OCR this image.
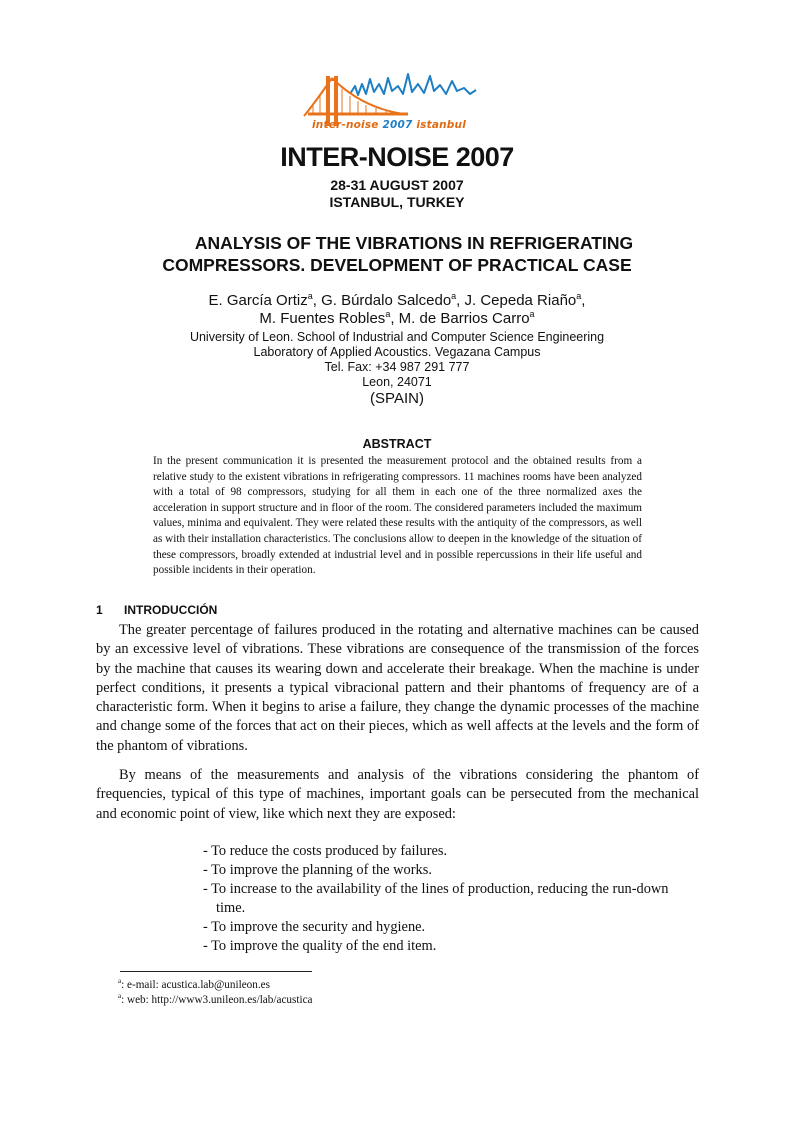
inter-noise 2007 istanbul
INTER-NOISE 2007
28-31 AUGUST 2007
ISTANBUL, TURKEY
ANALYSIS OF THE VIBRATIONS IN REFRIGERATING
COMPRESSORS. DEVELOPMENT OF PRACTICAL CASE
E. García Ortiz$^a$, G. Búrdalo Salcedo$^a$, J. Cepeda Riaño$^a$,
M. Fuentes Robles$^a$, M. de Barrios Carro$^a$
University of Leon. School of Industrial and Computer Science Engineering
Laboratory of Applied Acoustics. Vegazana Campus
Tel. Fax: +34 987 291 777
Leon, 24071
(SPAIN)
ABSTRACT
In the present communication it is presented the measurement protocol and the obtained results from a relative study to the existent vibrations in refrigerating compressors. 11 machines rooms have been analyzed with a total of 98 compressors, studying for all them in each one of the three normalized axes the acceleration in support structure and in floor of the room. The considered parameters included the maximum values, minima and equivalent. They were related these results with the antiquity of the compressors, as well as with their installation characteristics. The conclusions allow to deepen in the knowledge of the situation of these compressors, broadly extended at industrial level and in possible repercussions in their life useful and possible incidents in their operation.
1 INTRODUCCIÓN

The greater percentage of failures produced in the rotating and alternative machines can be caused by an excessive level of vibrations. These vibrations are consequence of the transmission of the forces by the machine that causes its wearing down and accelerate their breakage. When the machine is under perfect conditions, it presents a typical vibracional pattern and their phantoms of frequency are of a characteristic form. When it begins to arise a failure, they change the dynamic processes of the machine and change some of the forces that act on their pieces, which as well affects at the levels and the form of the phantom of vibrations.

By means of the measurements and analysis of the vibrations considering the phantom of frequencies, typical of this type of machines, important goals can be persecuted from the mechanical and economic point of view, like which next they are exposed:

- To reduce the costs produced by failures.
- To improve the planning of the works.
- To increase to the availability of the lines of production, reducing the run-down time.
- To improve the security and hygiene.
- To improve the quality of the end item.
$^a$: e-mail: acustica.lab@unileon.es
$^a$: web: http://www3.unileon.es/lab/acustica
